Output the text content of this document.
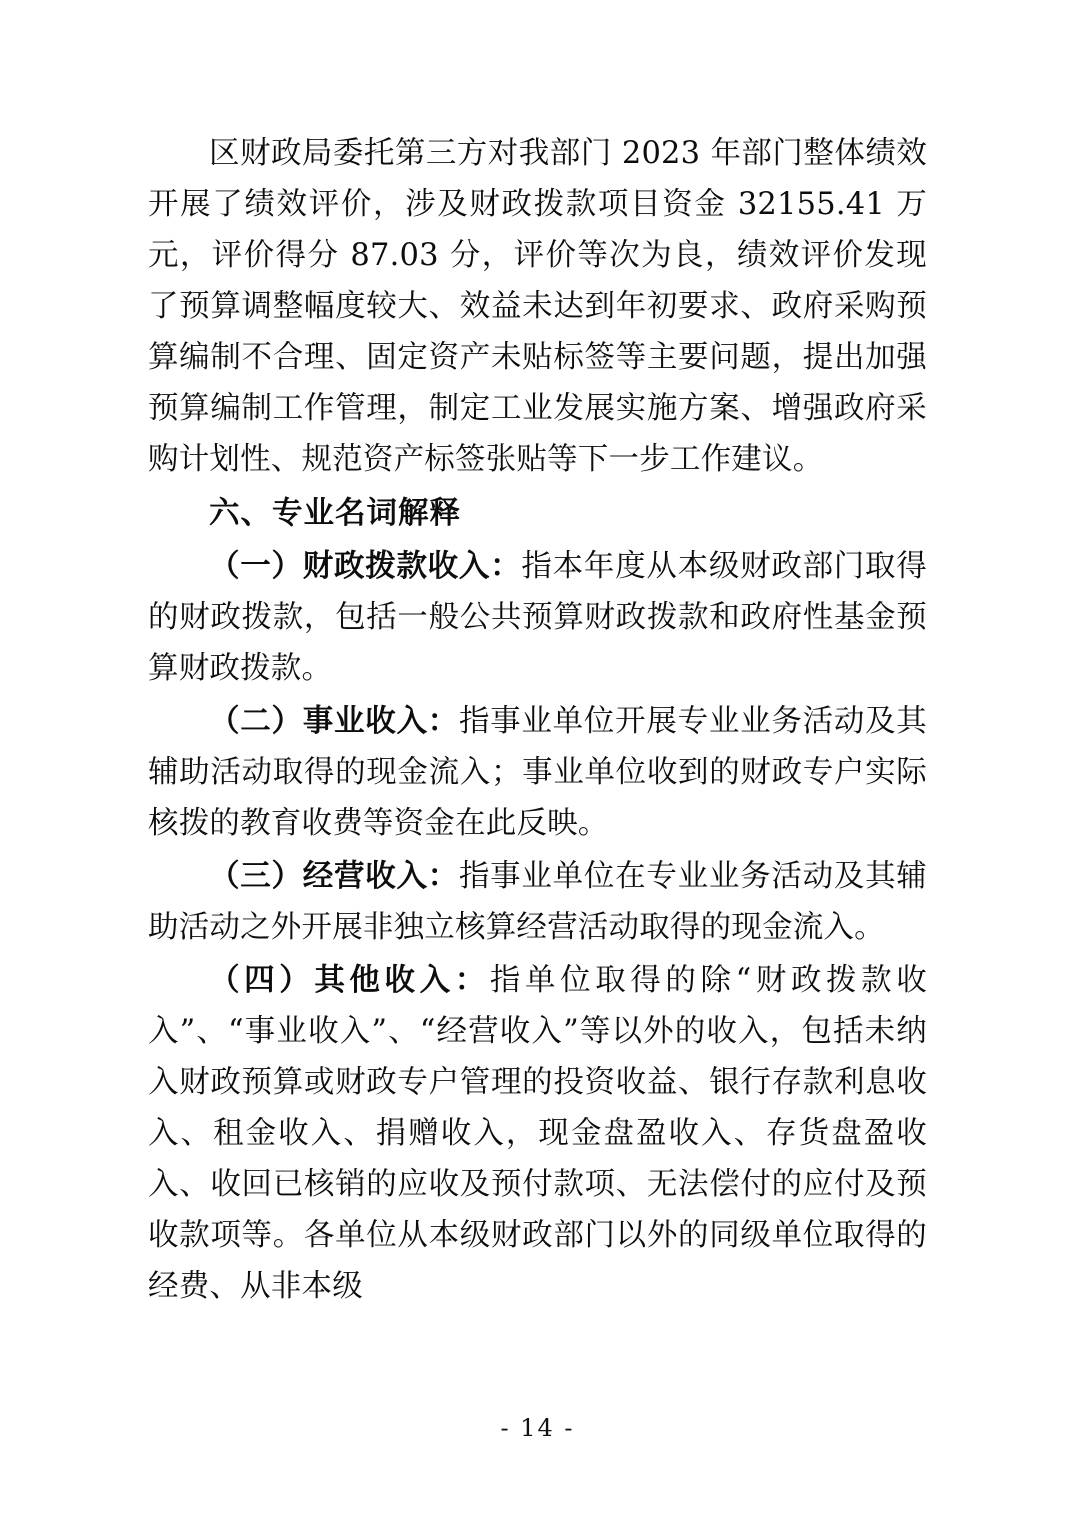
区财政局委托第三方对我部门 2023 年部门整体绩效开展了绩效评价，涉及财政拨款项目资金 32155.41 万元，评价得分 87.03 分，评价等次为良，绩效评价发现了预算调整幅度较大、效益未达到年初要求、政府采购预算编制不合理、固定资产未贴标签等主要问题，提出加强预算编制工作管理，制定工业发展实施方案、增强政府采购计划性、规范资产标签张贴等下一步工作建议。

六、专业名词解释

（一）财政拨款收入：指本年度从本级财政部门取得的财政拨款，包括一般公共预算财政拨款和政府性基金预算财政拨款。

（二）事业收入：指事业单位开展专业业务活动及其辅助活动取得的现金流入；事业单位收到的财政专户实际核拨的教育收费等资金在此反映。

（三）经营收入：指事业单位在专业业务活动及其辅助活动之外开展非独立核算经营活动取得的现金流入。

（四）其他收入：指单位取得的除“财政拨款收入”、“事业收入”、“经营收入”等以外的收入，包括未纳入财政预算或财政专户管理的投资收益、银行存款利息收入、租金收入、捐赠收入，现金盘盈收入、存货盘盈收入、收回已核销的应收及预付款项、无法偿付的应付及预收款项等。各单位从本级财政部门以外的同级单位取得的经费、从非本级

- 14 -
